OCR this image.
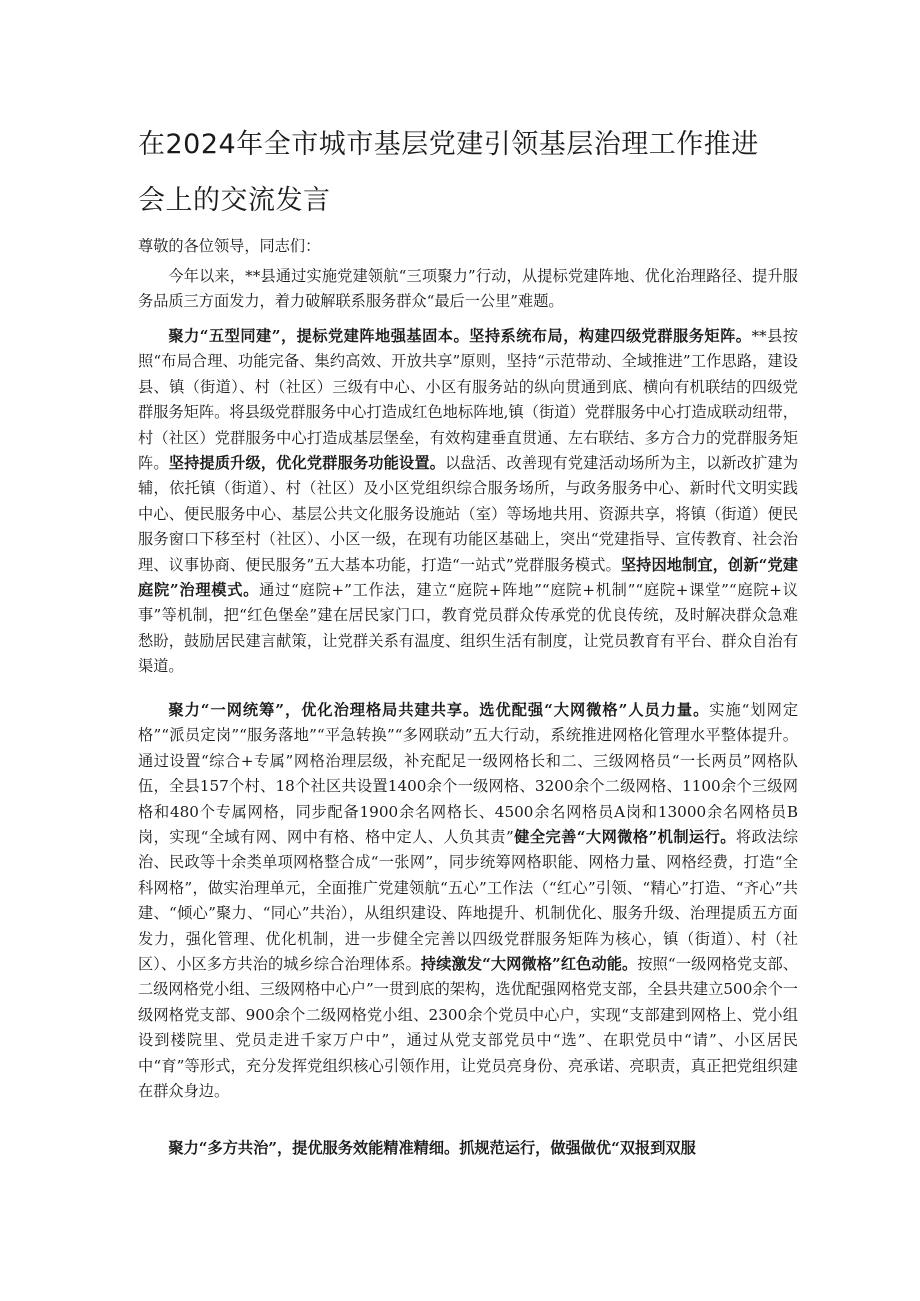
在2024年全市城市基层党建引领基层治理工作推进
会上的交流发言

尊敬的各位领导，同志们：

今年以来，**县通过实施党建领航“三项聚力”行动，从提标党建阵地、优化治理路径、提升服务品质三方面发力，着力破解联系服务群众“最后一公里”难题。

聚力“五型同建”，提标党建阵地强基固本。坚持系统布局，构建四级党群服务矩阵。**县按照“布局合理、功能完备、集约高效、开放共享”原则，坚持“示范带动、全域推进”工作思路，建设县、镇（街道）、村（社区）三级有中心、小区有服务站的纵向贯通到底、横向有机联结的四级党群服务矩阵。将县级党群服务中心打造成红色地标阵地,镇（街道）党群服务中心打造成联动纽带，村（社区）党群服务中心打造成基层堡垒，有效构建垂直贯通、左右联结、多方合力的党群服务矩阵。坚持提质升级，优化党群服务功能设置。以盘活、改善现有党建活动场所为主，以新改扩建为辅，依托镇（街道）、村（社区）及小区党组织综合服务场所，与政务服务中心、新时代文明实践中心、便民服务中心、基层公共文化服务设施站（室）等场地共用、资源共享，将镇（街道）便民服务窗口下移至村（社区）、小区一级，在现有功能区基础上，突出“党建指导、宣传教育、社会治理、议事协商、便民服务”五大基本功能，打造“一站式”党群服务模式。坚持因地制宜，创新“党建庭院”治理模式。通过“庭院+”工作法，建立“庭院+阵地”“庭院+机制”“庭院+课堂”“庭院+议事”等机制，把“红色堡垒”建在居民家门口，教育党员群众传承党的优良传统，及时解决群众急难愁盼，鼓励居民建言献策，让党群关系有温度、组织生活有制度，让党员教育有平台、群众自治有渠道。

聚力“一网统筹”，优化治理格局共建共享。选优配强“大网微格”人员力量。实施“划网定格”“派员定岗”“服务落地”“平急转换”“多网联动”五大行动，系统推进网格化管理水平整体提升。通过设置“综合+专属”网格治理层级，补充配足一级网格长和二、三级网格员“一长两员”网格队伍，全县157个村、18个社区共设置1400余个一级网格、3200余个二级网格、1100余个三级网格和480个专属网格，同步配备1900余名网格长、4500余名网格员A岗和13000余名网格员B岗，实现“全域有网、网中有格、格中定人、人负其责”健全完善“大网微格”机制运行。将政法综治、民政等十余类单项网格整合成“一张网”，同步统筹网格职能、网格力量、网格经费，打造“全科网格”，做实治理单元，全面推广党建领航“五心”工作法（“红心”引领、“精心”打造、“齐心”共建、“倾心”聚力、“同心”共治），从组织建设、阵地提升、机制优化、服务升级、治理提质五方面发力，强化管理、优化机制，进一步健全完善以四级党群服务矩阵为核心，镇（街道）、村（社区）、小区多方共治的城乡综合治理体系。持续激发“大网微格”红色动能。按照“一级网格党支部、二级网格党小组、三级网格中心户”一贯到底的架构，选优配强网格党支部，全县共建立500余个一级网格党支部、900余个二级网格党小组、2300余个党员中心户，实现“支部建到网格上、党小组设到楼院里、党员走进千家万户中”，通过从党支部党员中“选”、在职党员中“请”、小区居民中“育”等形式，充分发挥党组织核心引领作用，让党员亮身份、亮承诺、亮职责，真正把党组织建在群众身边。

聚力“多方共治”，提优服务效能精准精细。抓规范运行，做强做优“双报到双服
